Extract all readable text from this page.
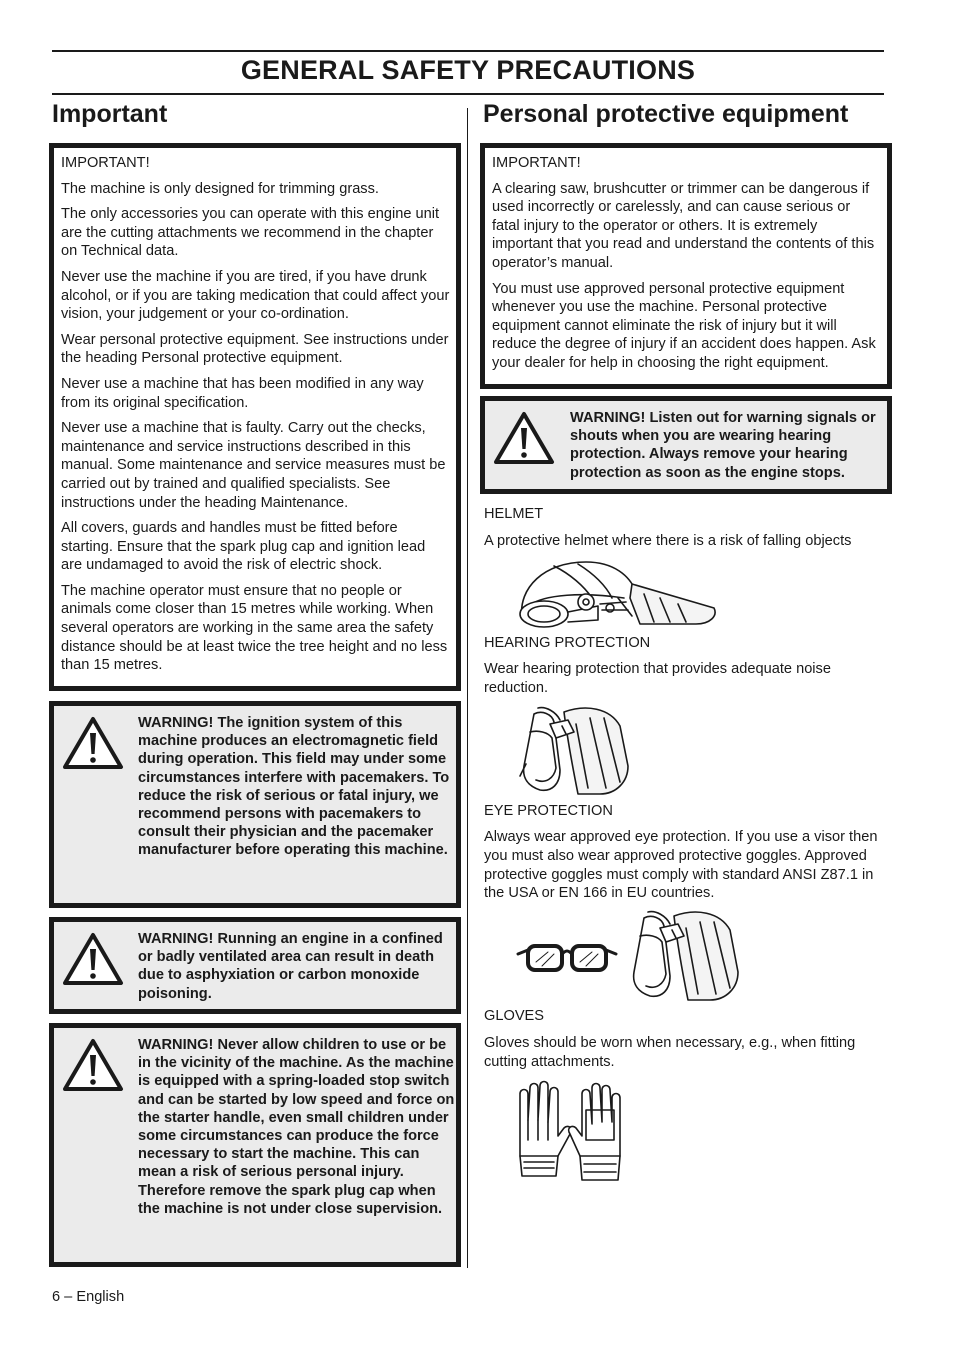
GENERAL SAFETY PRECAUTIONS
Important

IMPORTANT!

The machine is only designed for trimming grass.

The only accessories you can operate with this engine unit are the cutting attachments we recommend in the chapter on Technical data.

Never use the machine if you are tired, if you have drunk alcohol, or if you are taking medication that could affect your vision, your judgement or your co-ordination.

Wear personal protective equipment. See instructions under the heading Personal protective equipment.

Never use a machine that has been modified in any way from its original specification.

Never use a machine that is faulty. Carry out the checks, maintenance and service instructions described in this manual. Some maintenance and service measures must be carried out by trained and qualified specialists. See instructions under the heading Maintenance.

All covers, guards and handles must be fitted before starting. Ensure that the spark plug cap and ignition lead are undamaged to avoid the risk of electric shock.

The machine operator must ensure that no people or animals come closer than 15 metres while working. When several operators are working in the same area the safety distance should be at least twice the tree height and no less than 15 metres.

WARNING! The ignition system of this machine produces an electromagnetic field during operation. This field may under some circumstances interfere with pacemakers. To reduce the risk of serious or fatal injury, we recommend persons with pacemakers to consult their physician and the pacemaker manufacturer before operating this machine.
WARNING! Running an engine in a confined or badly ventilated area can result in death due to asphyxiation or carbon monoxide poisoning.
WARNING! Never allow children to use or be in the vicinity of the machine. As the machine is equipped with a spring-loaded stop switch and can be started by low speed and force on the starter handle, even small children under some circumstances can produce the force necessary to start the machine. This can mean a risk of serious personal injury. Therefore remove the spark plug cap when the machine is not under close supervision.
Personal protective equipment

IMPORTANT!

A clearing saw, brushcutter or trimmer can be dangerous if used incorrectly or carelessly, and can cause serious or fatal injury to the operator or others. It is extremely important that you read and understand the contents of this operator’s manual.

You must use approved personal protective equipment whenever you use the machine. Personal protective equipment cannot eliminate the risk of injury but it will reduce the degree of injury if an accident does happen. Ask your dealer for help in choosing the right equipment.

WARNING! Listen out for warning signals or shouts when you are wearing hearing protection. Always remove your hearing protection as soon as the engine stops.
HELMET
A protective helmet where there is a risk of falling objects
HEARING PROTECTION
Wear hearing protection that provides adequate noise reduction.
EYE PROTECTION
Always wear approved eye protection. If you use a visor then you must also wear approved protective goggles. Approved protective goggles must comply with standard ANSI Z87.1 in the USA or EN 166 in EU countries.
GLOVES
Gloves should be worn when necessary, e.g., when fitting cutting attachments.
6 – English
